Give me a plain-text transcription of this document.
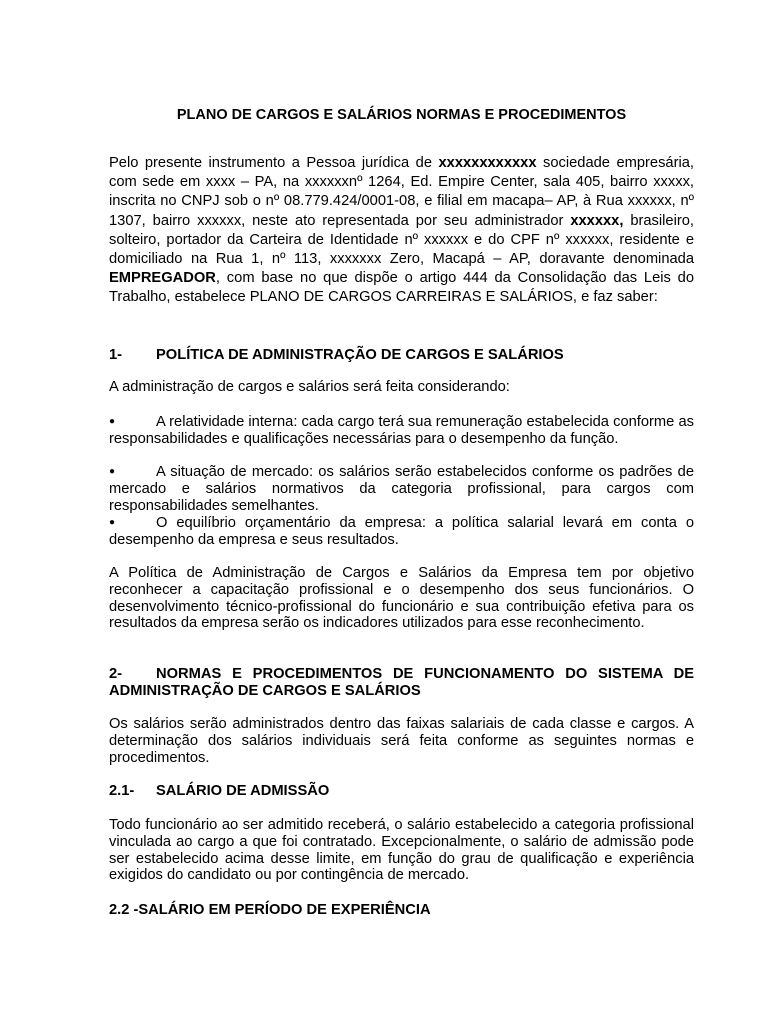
PLANO DE CARGOS E SALÁRIOS NORMAS E PROCEDIMENTOS
Pelo presente instrumento a Pessoa jurídica de xxxxxxxxxxxx sociedade empresária, com sede em xxxx – PA, na xxxxxxnº 1264, Ed. Empire Center, sala 405, bairro xxxxx, inscrita no CNPJ sob o nº 08.779.424/0001-08, e filial em macapa– AP, à Rua xxxxxx, nº 1307, bairro xxxxxx, neste ato representada por seu administrador xxxxxx, brasileiro, solteiro, portador da Carteira de Identidade nº xxxxxx e do CPF nº xxxxxx, residente e domiciliado na Rua 1, nº 113, xxxxxxx Zero, Macapá – AP, doravante denominada EMPREGADOR, com base no que dispõe o artigo 444 da Consolidação das Leis do Trabalho, estabelece PLANO DE CARGOS CARREIRAS E SALÁRIOS, e faz saber:
1- POLÍTICA DE ADMINISTRAÇÃO DE CARGOS E SALÁRIOS
A administração de cargos e salários será feita considerando:
●	A relatividade interna: cada cargo terá sua remuneração estabelecida conforme as responsabilidades e qualificações necessárias para o desempenho da função.
●	A situação de mercado: os salários serão estabelecidos conforme os padrões de mercado e salários normativos da categoria profissional, para cargos com responsabilidades semelhantes.
●	O equilíbrio orçamentário da empresa: a política salarial levará em conta o desempenho da empresa e seus resultados.
A Política de Administração de Cargos e Salários da Empresa tem por objetivo reconhecer a capacitação profissional e o desempenho dos seus funcionários. O desenvolvimento técnico-profissional do funcionário e sua contribuição efetiva para os resultados da empresa serão os indicadores utilizados para esse reconhecimento.
2- NORMAS E PROCEDIMENTOS DE FUNCIONAMENTO DO SISTEMA DE ADMINISTRAÇÃO DE CARGOS E SALÁRIOS
Os salários serão administrados dentro das faixas salariais de cada classe e cargos. A determinação dos salários individuais será feita conforme as seguintes normas e procedimentos.
2.1- SALÁRIO DE ADMISSÃO
Todo funcionário ao ser admitido receberá, o salário estabelecido a categoria profissional vinculada ao cargo a que foi contratado. Excepcionalmente, o salário de admissão pode ser estabelecido acima desse limite, em função do grau de qualificação e experiência exigidos do candidato ou por contingência de mercado.
2.2 -SALÁRIO EM PERÍODO DE EXPERIÊNCIA
